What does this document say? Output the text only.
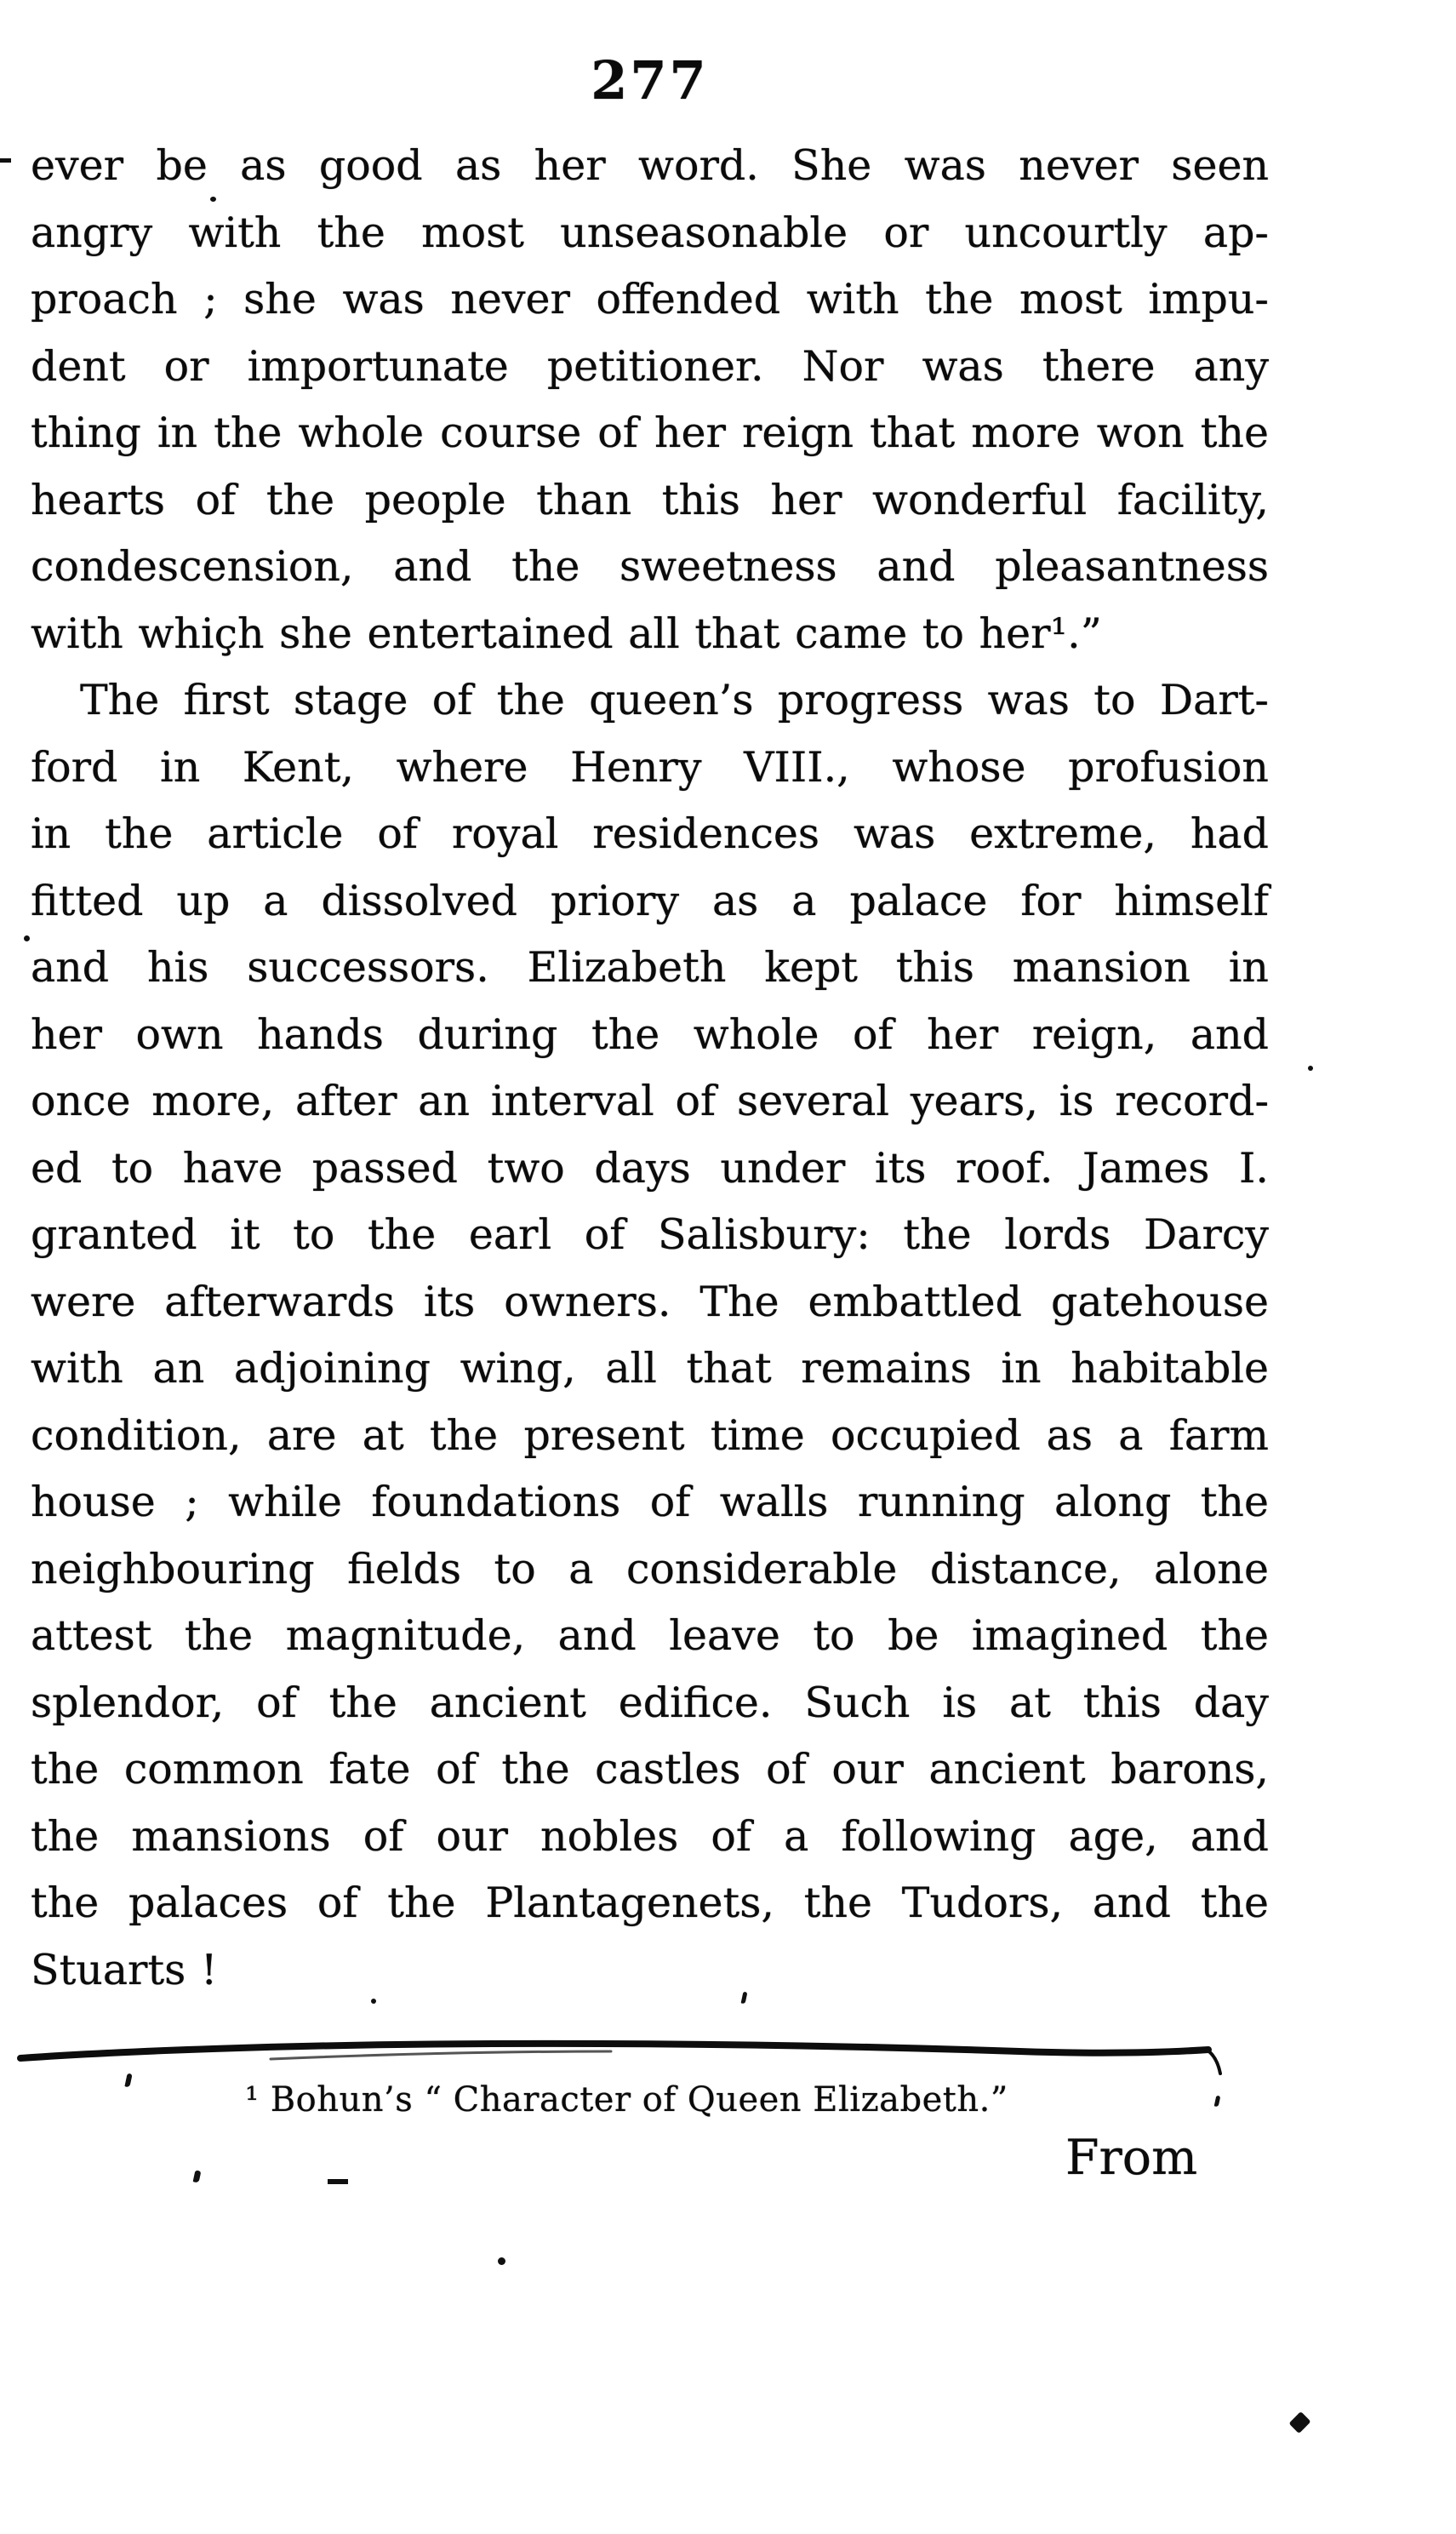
277
ever be as good as her word. She was never seen
angry with the most unseasonable or uncourtly ap-
proach ; she was never offended with the most impu-
dent or importunate petitioner. Nor was there any
thing in the whole course of her reign that more won the
hearts of the people than this her wonderful facility,
condescension, and the sweetness and pleasantness
with whiçh she entertained all that came to her¹.”
The first stage of the queen’s progress was to Dart-
ford in Kent, where Henry VIII., whose profusion
in the article of royal residences was extreme, had
fitted up a dissolved priory as a palace for himself
and his successors. Elizabeth kept this mansion in
her own hands during the whole of her reign, and
once more, after an interval of several years, is record-
ed to have passed two days under its roof. James I.
granted it to the earl of Salisbury: the lords Darcy
were afterwards its owners. The embattled gatehouse
with an adjoining wing, all that remains in habitable
condition, are at the present time occupied as a farm
house ; while foundations of walls running along the
neighbouring fields to a considerable distance, alone
attest the magnitude, and leave to be imagined the
splendor, of the ancient edifice. Such is at this day
the common fate of the castles of our ancient barons,
the mansions of our nobles of a following age, and
the palaces of the Plantagenets, the Tudors, and the
Stuarts !
¹ Bohun’s “ Character of Queen Elizabeth.”
From
